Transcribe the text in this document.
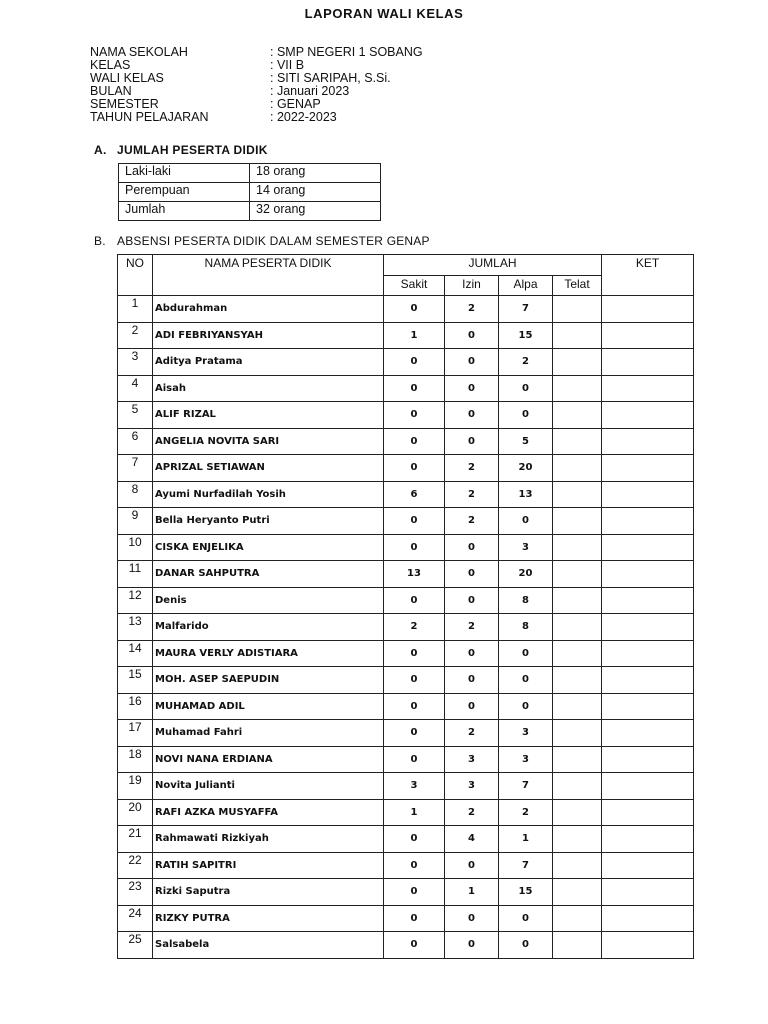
LAPORAN WALI KELAS
NAMA SEKOLAH	: SMP NEGERI 1 SOBANG
KELAS	: VII B
WALI KELAS	: SITI SARIPAH, S.Si.
BULAN	: Januari 2023
SEMESTER	: GENAP
TAHUN PELAJARAN	: 2022-2023
A. JUMLAH PESERTA DIDIK
Laki-laki	18 orang
Perempuan	14 orang
Jumlah	32 orang
B. ABSENSI PESERTA DIDIK DALAM SEMESTER GENAP
NO	NAMA PESERTA DIDIK	JUMLAH				KET
		Sakit	Izin	Alpa	Telat	
1	Abdurahman	0	2	7		
2	ADI FEBRIYANSYAH	1	0	15		
3	Aditya Pratama	0	0	2		
4	Aisah	0	0	0		
5	ALIF RIZAL	0	0	0		
6	ANGELIA NOVITA SARI	0	0	5		
7	APRIZAL SETIAWAN	0	2	20		
8	Ayumi Nurfadilah Yosih	6	2	13		
9	Bella Heryanto Putri	0	2	0		
10	CISKA ENJELIKA	0	0	3		
11	DANAR SAHPUTRA	13	0	20		
12	Denis	0	0	8		
13	Malfarido	2	2	8		
14	MAURA VERLY ADISTIARA	0	0	0		
15	MOH. ASEP SAEPUDIN	0	0	0		
16	MUHAMAD ADIL	0	0	0		
17	Muhamad Fahri	0	2	3		
18	NOVI NANA ERDIANA	0	3	3		
19	Novita Julianti	3	3	7		
20	RAFI AZKA MUSYAFFA	1	2	2		
21	Rahmawati Rizkiyah	0	4	1		
22	RATIH SAPITRI	0	0	7		
23	Rizki Saputra	0	1	15		
24	RIZKY PUTRA	0	0	0		
25	Salsabela	0	0	0		
